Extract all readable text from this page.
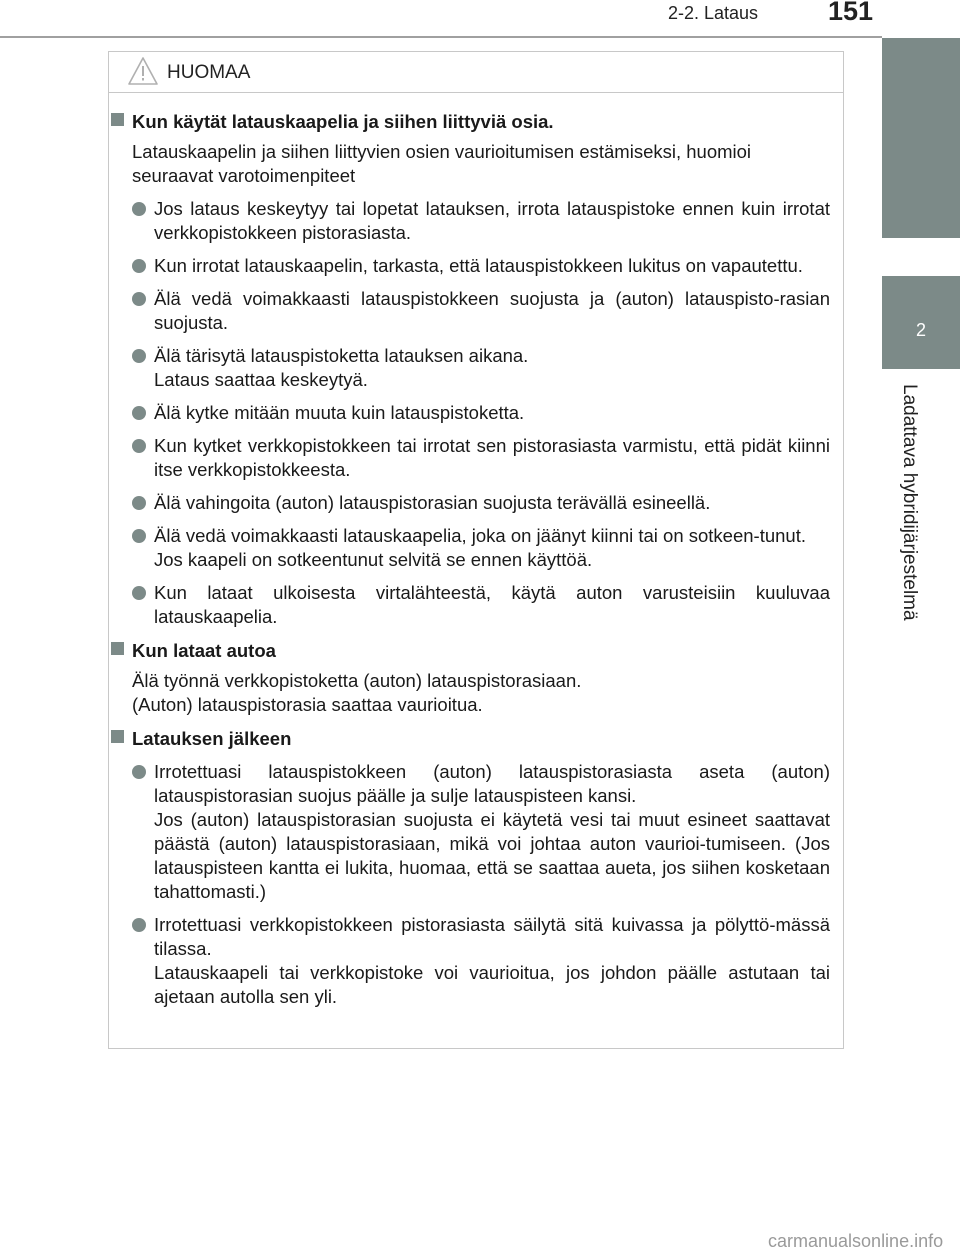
2-2. Lataus	151
2
Ladattava hybridijärjestelmä
HUOMAA
Kun käytät latauskaapelia ja siihen liittyviä osia.
Latauskaapelin ja siihen liittyvien osien vaurioitumisen estämiseksi, huomioi
seuraavat varotoimenpiteet
Jos lataus keskeytyy tai lopetat latauksen, irrota latauspistoke ennen kuin irrotat verkkopistokkeen pistorasiasta.
Kun irrotat latauskaapelin, tarkasta, että latauspistokkeen lukitus on vapautettu.
Älä vedä voimakkaasti latauspistokkeen suojusta ja (auton) latauspisto-rasian suojusta.
Älä tärisytä latauspistoketta latauksen aikana.
Lataus saattaa keskeytyä.
Älä kytke mitään muuta kuin latauspistoketta.
Kun kytket verkkopistokkeen tai irrotat sen pistorasiasta varmistu, että pidät kiinni itse verkkopistokkeesta.
Älä vahingoita (auton) latauspistorasian suojusta terävällä esineellä.
Älä vedä voimakkaasti latauskaapelia, joka on jäänyt kiinni tai on sotkeen-tunut.
Jos kaapeli on sotkeentunut selvitä se ennen käyttöä.
Kun lataat ulkoisesta virtalähteestä, käytä auton varusteisiin kuuluvaa latauskaapelia.
Kun lataat autoa
Älä työnnä verkkopistoketta (auton) latauspistorasiaan.
(Auton) latauspistorasia saattaa vaurioitua.
Latauksen jälkeen
Irrotettuasi latauspistokkeen (auton) latauspistorasiasta aseta (auton) latauspistorasian suojus päälle ja sulje latauspisteen kansi.
Jos (auton) latauspistorasian suojusta ei käytetä vesi tai muut esineet saattavat päästä (auton) latauspistorasiaan, mikä voi johtaa auton vaurioi-tumiseen. (Jos latauspisteen kantta ei lukita, huomaa, että se saattaa aueta, jos siihen kosketaan tahattomasti.)
Irrotettuasi verkkopistokkeen pistorasiasta säilytä sitä kuivassa ja pölyttö-mässä tilassa.
Latauskaapeli tai verkkopistoke voi vaurioitua, jos johdon päälle astutaan tai ajetaan autolla sen yli.
carmanualsonline.info
